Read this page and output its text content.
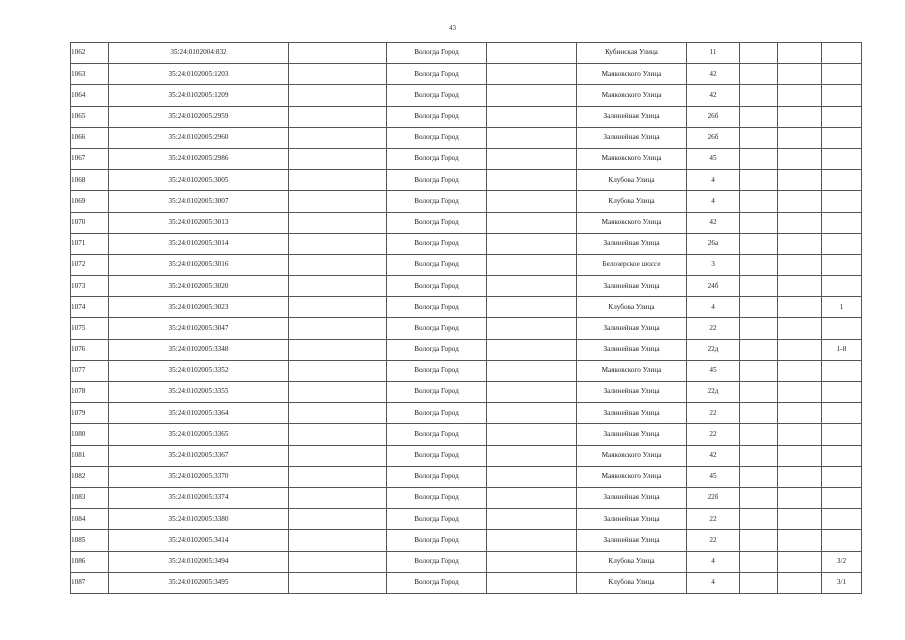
43
1062	35:24:0102004:832		Вологда Город		Кубинская Улица	11			
1063	35:24:0102005:1203		Вологда Город		Маяковского Улица	42			
1064	35:24:0102005:1209		Вологда Город		Маяковского Улица	42			
1065	35:24:0102005:2959		Вологда Город		Залинейная Улица	26б			
1066	35:24:0102005:2960		Вологда Город		Залинейная Улица	26б			
1067	35:24:0102005:2986		Вологда Город		Маяковского Улица	45			
1068	35:24:0102005:3005		Вологда Город		Клубова Улица	4			
1069	35:24:0102005:3007		Вологда Город		Клубова Улица	4			
1070	35:24:0102005:3013		Вологда Город		Маяковского Улица	42			
1071	35:24:0102005:3014		Вологда Город		Залинейная Улица	26а			
1072	35:24:0102005:3016		Вологда Город		Белозерское шоссе	3			
1073	35:24:0102005:3020		Вологда Город		Залинейная Улица	24б			
1074	35:24:0102005:3023		Вологда Город		Клубова Улица	4			1
1075	35:24:0102005:3047		Вологда Город		Залинейная Улица	22			
1076	35:24:0102005:3348		Вологда Город		Залинейная Улица	22д			1-8
1077	35:24:0102005:3352		Вологда Город		Маяковского Улица	45			
1078	35:24:0102005:3355		Вологда Город		Залинейная Улица	22д			
1079	35:24:0102005:3364		Вологда Город		Залинейная Улица	22			
1080	35:24:0102005:3365		Вологда Город		Залинейная Улица	22			
1081	35:24:0102005:3367		Вологда Город		Маяковского Улица	42			
1082	35:24:0102005:3370		Вологда Город		Маяковского Улица	45			
1083	35:24:0102005:3374		Вологда Город		Залинейная Улица	22б			
1084	35:24:0102005:3380		Вологда Город		Залинейная Улица	22			
1085	35:24:0102005:3414		Вологда Город		Залинейная Улица	22			
1086	35:24:0102005:3494		Вологда Город		Клубова Улица	4			3/2
1087	35:24:0102005:3495		Вологда Город		Клубова Улица	4			3/1
